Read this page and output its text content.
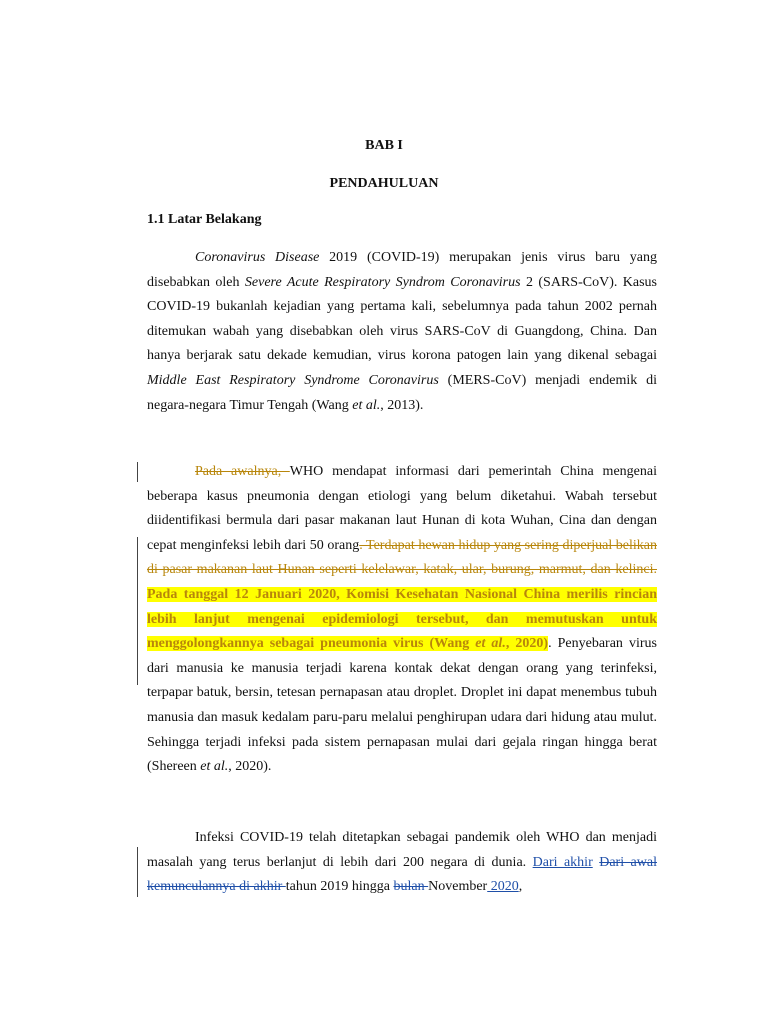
BAB I

PENDAHULUAN

1.1 Latar Belakang

Coronavirus Disease 2019 (COVID-19) merupakan jenis virus baru yang disebabkan oleh Severe Acute Respiratory Syndrom Coronavirus 2 (SARS-CoV). Kasus COVID-19 bukanlah kejadian yang pertama kali, sebelumnya pada tahun 2002 pernah ditemukan wabah yang disebabkan oleh virus SARS-CoV di Guangdong, China. Dan hanya berjarak satu dekade kemudian, virus korona patogen lain yang dikenal sebagai Middle East Respiratory Syndrome Coronavirus (MERS-CoV) menjadi endemik di negara-negara Timur Tengah (Wang et al., 2013).

Pada awalnya, WHO mendapat informasi dari pemerintah China mengenai beberapa kasus pneumonia dengan etiologi yang belum diketahui. Wabah tersebut diidentifikasi bermula dari pasar makanan laut Hunan di kota Wuhan, Cina dan dengan cepat menginfeksi lebih dari 50 orang. Terdapat hewan hidup yang sering diperjual belikan di pasar makanan laut Hunan seperti kelelawar, katak, ular, burung, marmut, dan kelinci. Pada tanggal 12 Januari 2020, Komisi Kesehatan Nasional China merilis rincian lebih lanjut mengenai epidemiologi tersebut, dan memutuskan untuk menggolongkannya sebagai pneumonia virus (Wang et al., 2020). Penyebaran virus dari manusia ke manusia terjadi karena kontak dekat dengan orang yang terinfeksi, terpapar batuk, bersin, tetesan pernapasan atau droplet. Droplet ini dapat menembus tubuh manusia dan masuk kedalam paru-paru melalui penghirupan udara dari hidung atau mulut. Sehingga terjadi infeksi pada sistem pernapasan mulai dari gejala ringan hingga berat (Shereen et al., 2020).

Infeksi COVID-19 telah ditetapkan sebagai pandemik oleh WHO dan menjadi masalah yang terus berlanjut di lebih dari 200 negara di dunia. Dari akhir Dari awal kemunculannya di akhir tahun 2019 hingga bulan November 2020,
